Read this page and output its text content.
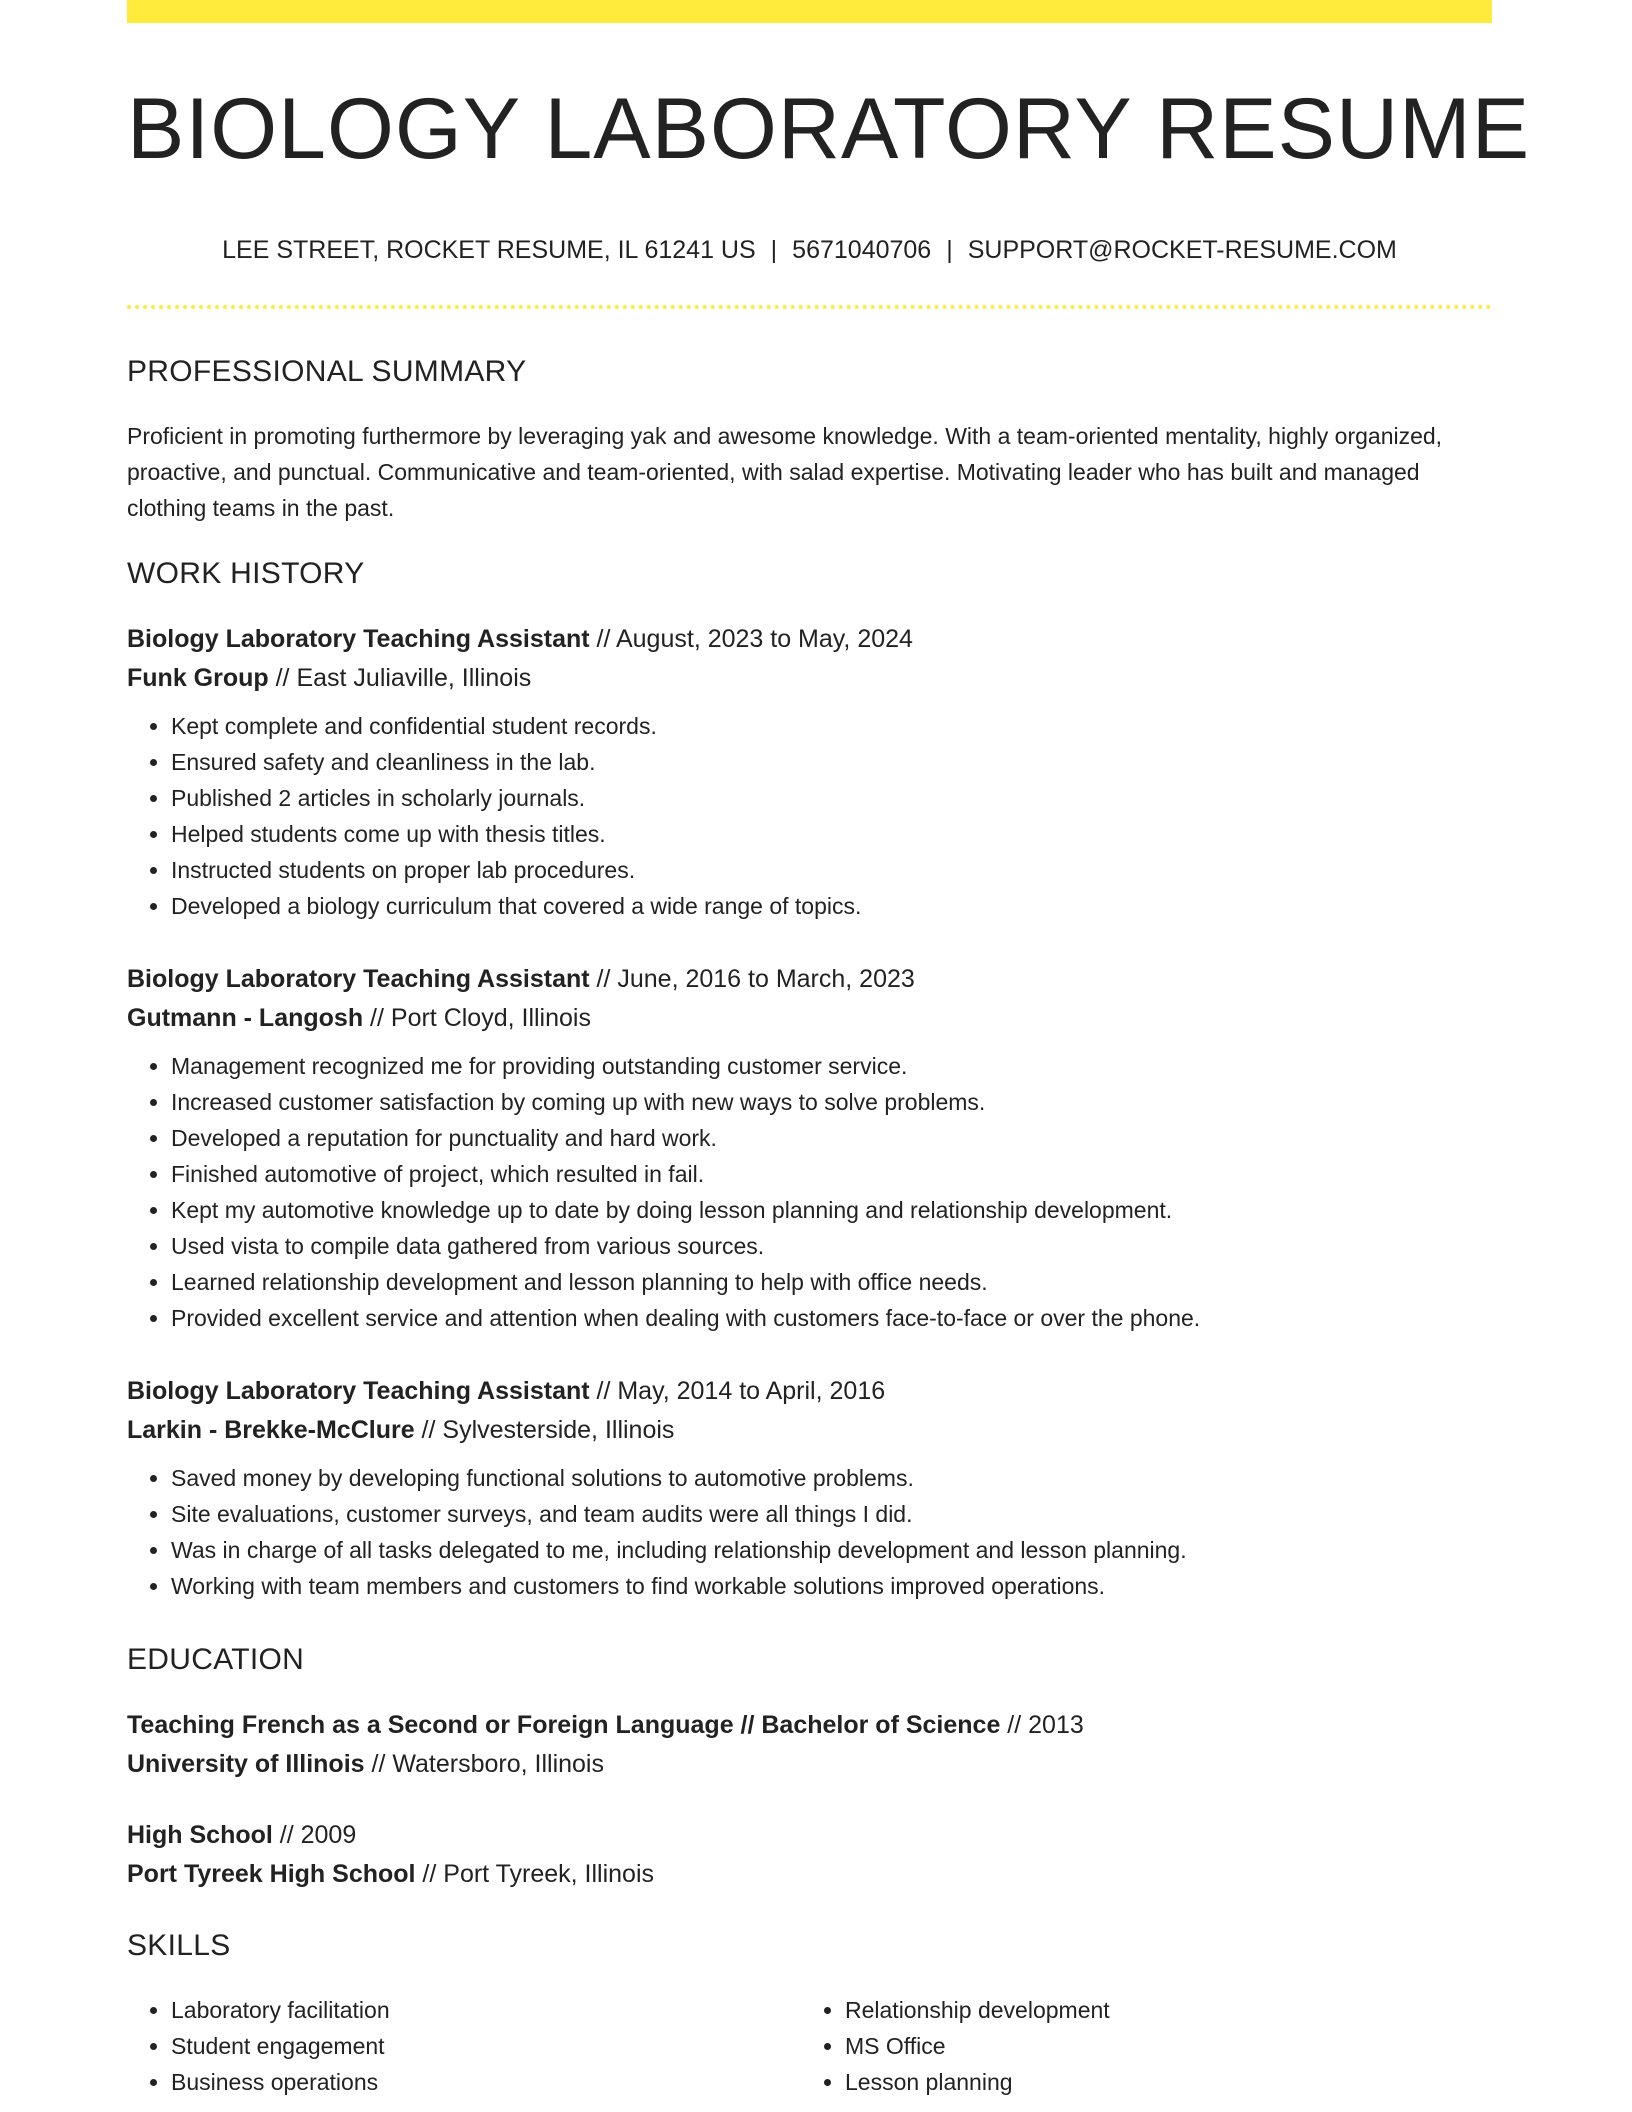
BIOLOGY LABORATORY RESUME
LEE STREET, ROCKET RESUME, IL 61241 US | 5671040706 | SUPPORT@ROCKET-RESUME.COM
PROFESSIONAL SUMMARY

Proficient in promoting furthermore by leveraging yak and awesome knowledge. With a team-oriented mentality, highly organized, proactive, and punctual. Communicative and team-oriented, with salad expertise. Motivating leader who has built and managed clothing teams in the past.

WORK HISTORY

Biology Laboratory Teaching Assistant // August, 2023 to May, 2024

Funk Group // East Juliaville, Illinois

• Kept complete and confidential student records.
• Ensured safety and cleanliness in the lab.
• Published 2 articles in scholarly journals.
• Helped students come up with thesis titles.
• Instructed students on proper lab procedures.
• Developed a biology curriculum that covered a wide range of topics.

Biology Laboratory Teaching Assistant // June, 2016 to March, 2023

Gutmann - Langosh // Port Cloyd, Illinois

• Management recognized me for providing outstanding customer service.
• Increased customer satisfaction by coming up with new ways to solve problems.
• Developed a reputation for punctuality and hard work.
• Finished automotive of project, which resulted in fail.
• Kept my automotive knowledge up to date by doing lesson planning and relationship development.
• Used vista to compile data gathered from various sources.
• Learned relationship development and lesson planning to help with office needs.
• Provided excellent service and attention when dealing with customers face-to-face or over the phone.

Biology Laboratory Teaching Assistant // May, 2014 to April, 2016

Larkin - Brekke-McClure // Sylvesterside, Illinois

• Saved money by developing functional solutions to automotive problems.
• Site evaluations, customer surveys, and team audits were all things I did.
• Was in charge of all tasks delegated to me, including relationship development and lesson planning.
• Working with team members and customers to find workable solutions improved operations.
EDUCATION

Teaching French as a Second or Foreign Language // Bachelor of Science // 2013

University of Illinois // Watersboro, Illinois

High School // 2009

Port Tyreek High School // Port Tyreek, Illinois

SKILLS
• Laboratory facilitation
• Student engagement
• Business operations
• Relationship development
• MS Office
• Lesson planning
